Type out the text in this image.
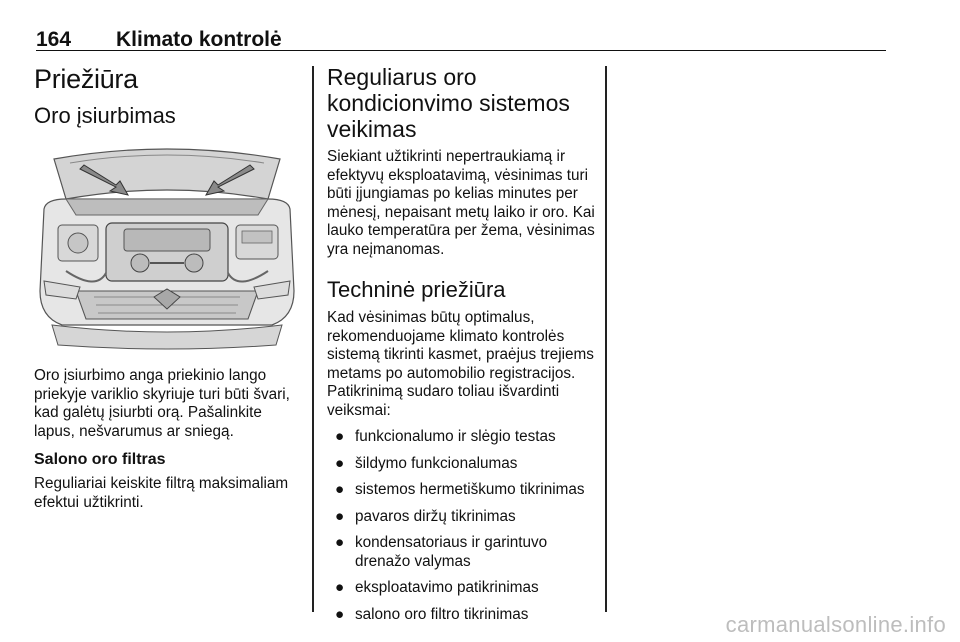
164 Klimato kontrolė
Priežiūra
Oro įsiurbimas

Oro įsiurbimo anga priekinio lango priekyje variklio skyriuje turi būti švari, kad galėtų įsiurbti orą. Pašalinkite lapus, nešvarumus ar sniegą.

Salono oro filtras

Reguliariai keiskite filtrą maksimaliam efektui užtikrinti.

Reguliarus oro kondicionvimo sistemos veikimas

Siekiant užtikrinti nepertraukiamą ir efektyvų eksploatavimą, vėsinimas turi būti įjungiamas po kelias minutes per mėnesį, nepaisant metų laiko ir oro. Kai lauko temperatūra per žema, vėsinimas yra neįmanomas.

Techninė priežiūra

Kad vėsinimas būtų optimalus, rekomenduojame klimato kontrolės sistemą tikrinti kasmet, praėjus trejiems metams po automobilio registracijos. Patikrinimą sudaro toliau išvardinti veiksmai:

● funkcionalumo ir slėgio testas
● šildymo funkcionalumas
● sistemos hermetiškumo tikrinimas
● pavaros diržų tikrinimas
● kondensatoriaus ir garintuvo drenažo valymas
● eksploatavimo patikrinimas
● salono oro filtro tikrinimas	carmanualsonline.info
